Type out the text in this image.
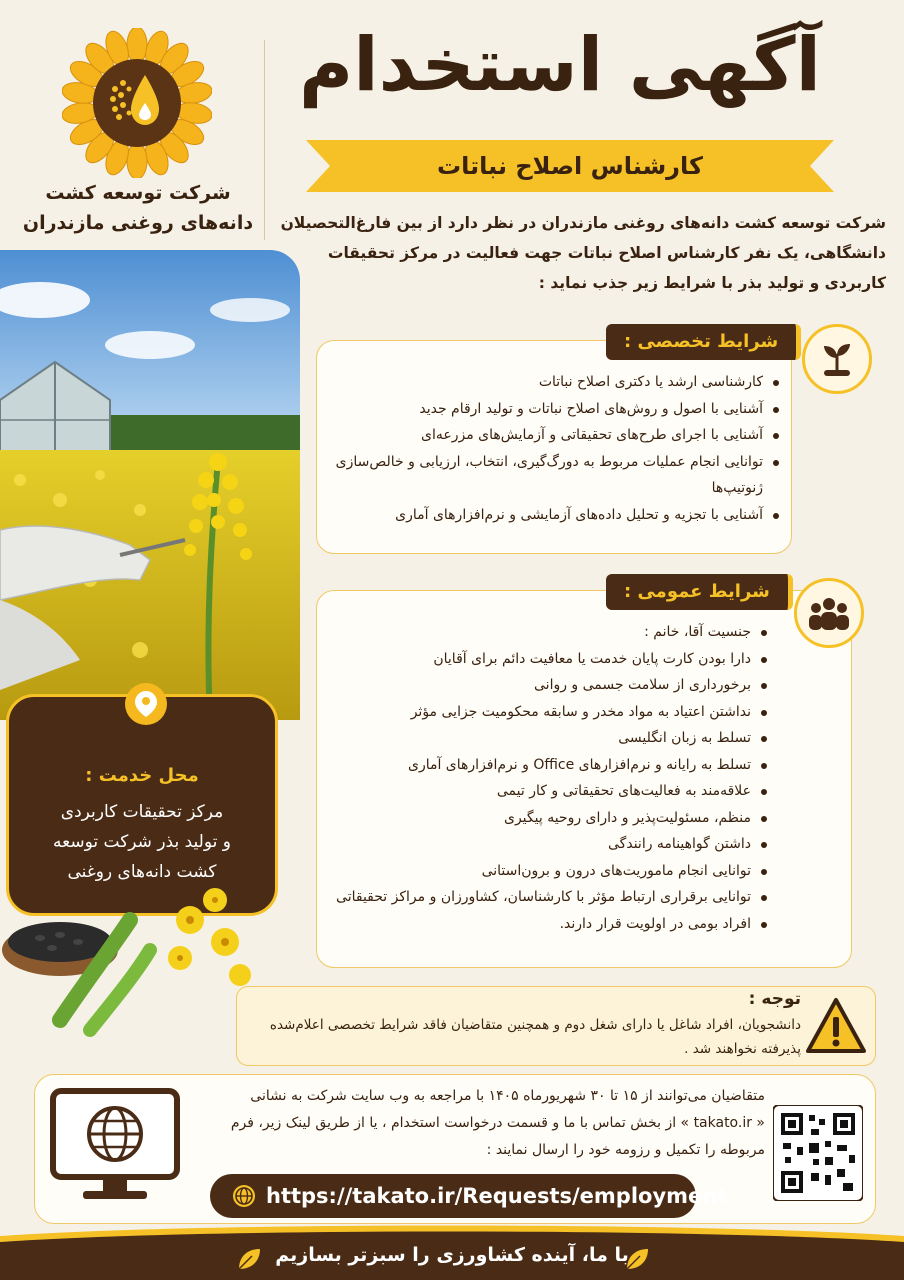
شرکت توسعه کشت
دانه‌های روغنی مازندران
محل خدمت :
مرکز تحقیقات کاربردی
و تولید بذر شرکت توسعه
کشت دانه‌های روغنی
آگهی استخدام
کارشناس اصلاح نباتات
شرکت توسعه کشت دانه‌های روغنی مازندران در نظر دارد از بین فارغ‌التحصیلان دانشگاهی، یک نفر کارشناس اصلاح نباتات جهت فعالیت در مرکز تحقیقات کاربردی و تولید بذر با شرایط زیر جذب نماید :
کارشناسی ارشد یا دکتری اصلاح نباتات
آشنایی با اصول و روش‌های اصلاح نباتات و تولید ارقام جدید
آشنایی با اجرای طرح‌های تحقیقاتی و آزمایش‌های مزرعه‌ای
توانایی انجام عملیات مربوط به دورگ‌گیری، انتخاب، ارزیابی و خالص‌سازی ژنوتیپ‌ها
آشنایی با تجزیه و تحلیل داده‌های آزمایشی و نرم‌افزارهای آماری
شرایط تخصصی :
جنسیت آقا، خانم :
دارا بودن کارت پایان خدمت یا معافیت دائم برای آقایان
برخورداری از سلامت جسمی و روانی
نداشتن اعتیاد به مواد مخدر و سابقه محکومیت جزایی مؤثر
تسلط به زبان انگلیسی
تسلط به رایانه و نرم‌افزارهای Office و نرم‌افزارهای آماری
علاقه‌مند به فعالیت‌های تحقیقاتی و کار تیمی
منظم، مسئولیت‌پذیر و دارای روحیه پیگیری
داشتن گواهینامه رانندگی
توانایی انجام ماموریت‌های درون و برون‌استانی
توانایی برقراری ارتباط مؤثر با کارشناسان، کشاورزان و مراکز تحقیقاتی
افراد بومی در اولویت قرار دارند.
شرایط عمومی :
توجه :
دانشجویان، افراد شاغل یا دارای شغل دوم و همچنین متقاضیان فاقد شرایط تخصصی اعلام‌شده پذیرفته نخواهند شد .
متقاضیان می‌توانند از ۱۵ تا ۳۰ شهریورماه ۱۴۰۵ با مراجعه به وب سایت شرکت به نشانی
« takato.ir » از بخش تماس با ما و قسمت درخواست استخدام ، یا از طریق لینک زیر، فرم
مربوطه را تکمیل و رزومه خود را ارسال نمایند :
https://takato.ir/Requests/employment
با ما، آینده کشاورزی را سبزتر بسازیم
